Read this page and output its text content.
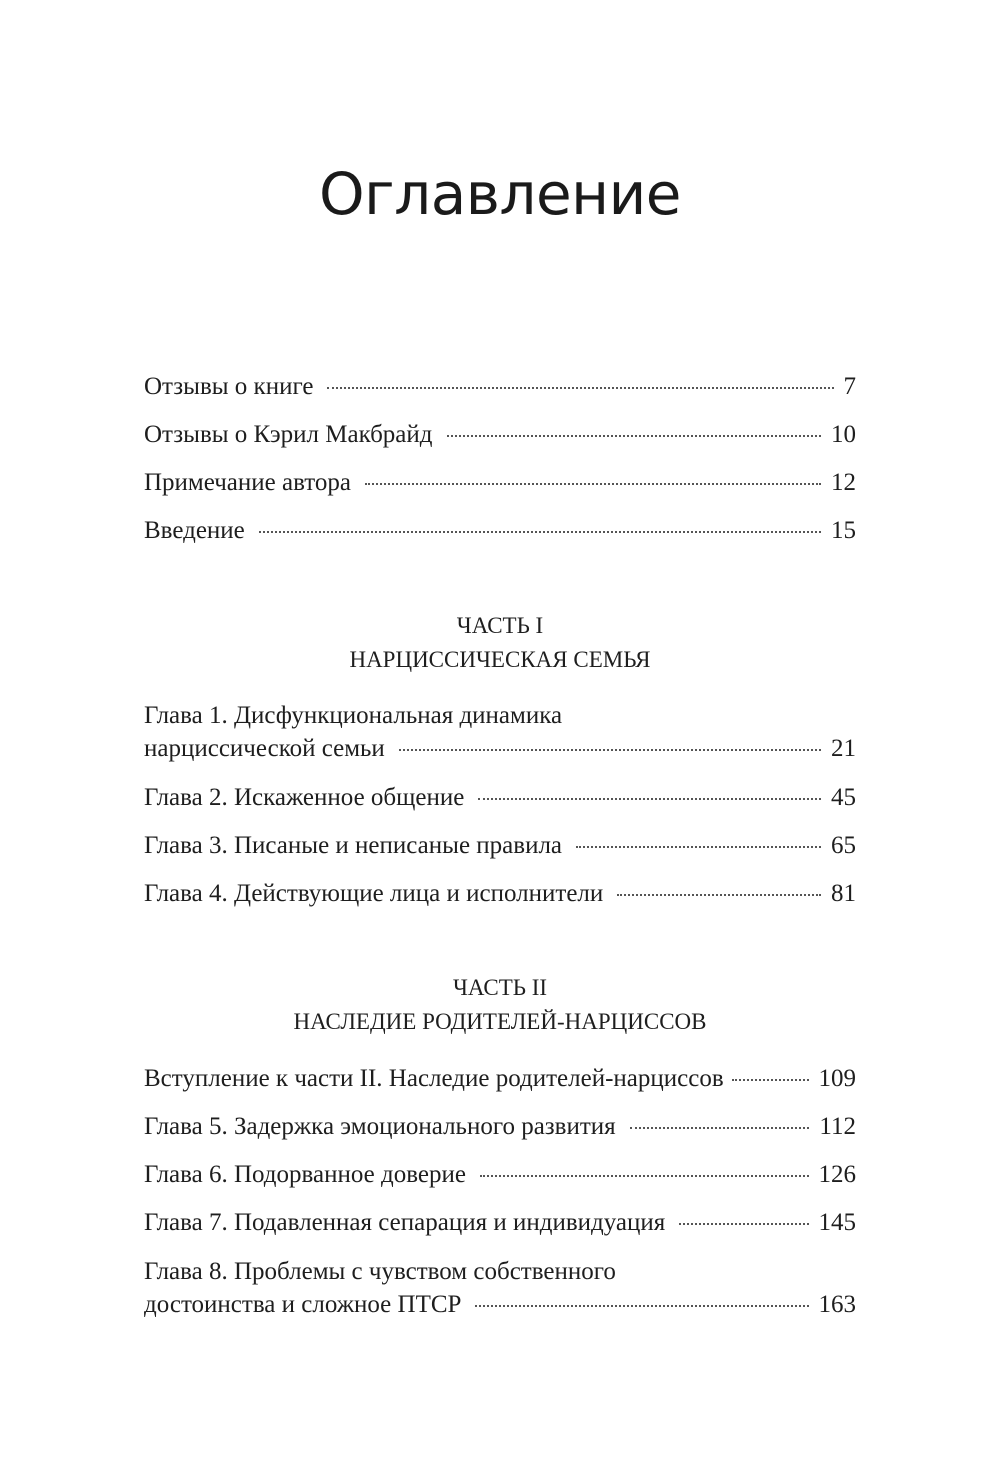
Оглавление
Отзывы о книге	7
Отзывы о Кэрил Макбрайд	10
Примечание автора	12
Введение	15
Глава 1. Дисфункциональная динамика
нарциссической семьи	21
Глава 2. Искаженное общение	45
Глава 3. Писаные и неписаные правила	65
Глава 4. Действующие лица и исполнители	81
Вступление к части II. Наследие родителей-нарциссов	109
Глава 5. Задержка эмоционального развития	112
Глава 6. Подорванное доверие	126
Глава 7. Подавленная сепарация и индивидуация	145
Глава 8. Проблемы с чувством собственного
достоинства и сложное ПТСР	163
ЧАСТЬ I
НАРЦИССИЧЕСКАЯ СЕМЬЯ
ЧАСТЬ II
НАСЛЕДИЕ РОДИТЕЛЕЙ-НАРЦИССОВ
